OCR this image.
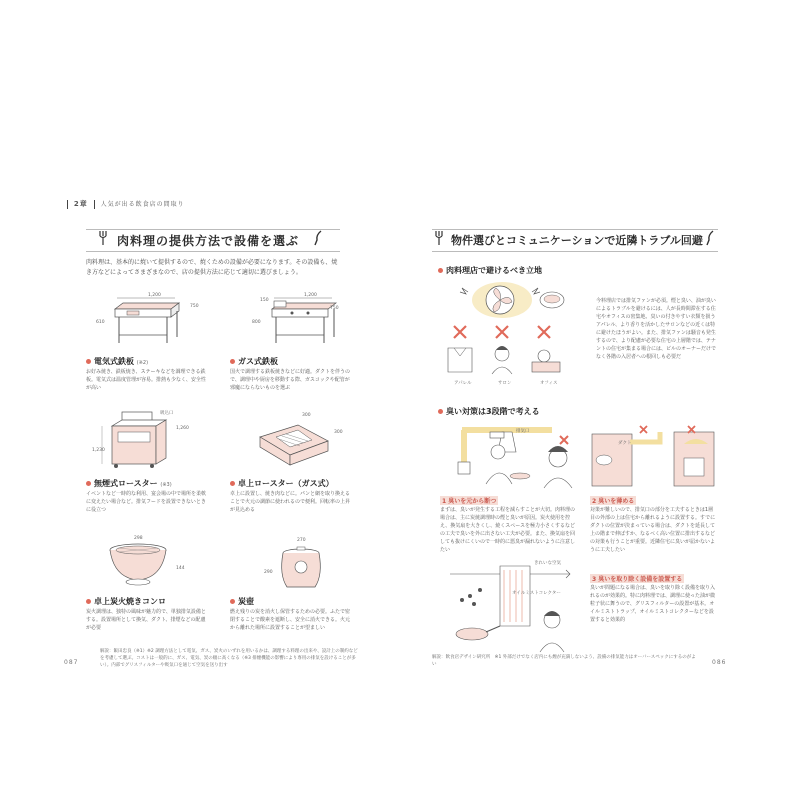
2章 人気が出る飲食店の間取り
肉料理の提供方法で設備を選ぶ
肉料理は、基本的に焼いて提供するので、焼くための設備が必要になります。その設備も、焼き方などによってさまざまなので、店の提供方法に応じて適切に選びましょう。
1,200
750
610
電気式鉄板 (※2)
お好み焼き、鉄板焼き、ステーキなどを調理できる鉄板。電気式は温度管理が容易。排熱も少なく、安全性が高い
1,200
150
750
800
ガス式鉄板
国火で調理する鉄板焼きなどに好適。ダクトを伴うので、調理中や厨房を移動する際、ガスコックや配管が邪魔にならないものを選ぶ
吸込口
1,230
1,260
無煙式ロースター (※3)
イベントなど一時的な利用、宴会場の中で場所を柔軟に変えたい場合など。排気フードを設置できないときに役立つ
300
300
卓上ロースター（ガス式）
卓上に設置し、焼き肉などに。パンと網を取り換えることで火元の調節に使われるので便利。回転率の上昇が見込める
298
144
卓上炭火焼きコンロ
炭火調理は、独特の風味が魅力的で、単独排気設備とする。設置場所として換気、ダクト、排煙などの配慮が必要
270
290
炭壺
燃え残りの炭を消火し保管するための必要。ふたで密閉することで酸素を遮断し、安全に消火できる。火元から離れた場所に設置することが望ましい
解説：飯田忠良（※1）※2 調理方法として電気、ガス、炭火のいずれを用いるかは、調理する料理の出来や、設計上の制約などを考慮して選ぶ。コストは一般的に、ガス、電気、炭の順に高くなる（※3 排煙機能の影響により専用の排気を設けることが多い）。内部でグリスフィルターや吸気口を通じて空気を送り出す
087
物件選びとコミュニケーションで近隣トラブル回避
肉料理店で避けるべき立地
アパレル	サロン	オフィス
今料理店では排気ファンが必須。煙と臭い、油が臭いによるトラブルを避けるには、人が長時間滞在する住宅やオフィスの密集地、臭いの付きやすい衣類を扱うアパレル、より香りを活かしたサロンなどの近くは特に避けたほうがよい。また、排気ファンは騒音も発生するので、より配慮が必要な住宅の上層階では、テナントの住宅が集まる場合には、ビルのオーナーだけでなく各階の入居者への根回しも必要だ
臭い対策は3段階で考える
排気口
1 臭いを元から断つ
まずは、臭いが発生する工程を減らすことが大切。肉料理の場合は、主に炭焼調理時の煙と臭いが原因。炭火使用を控え、換気扇を大きくし、焼くスペースを極力小さくするなどの工夫で臭いを外に出さない工夫が必要。また、換気扇を回しても抜けにくいので一時的に悪臭が漏れないように注意したい
ダクト
2 臭いを薄める
対策が難しいので、排気口の部分を工夫するときは1層目の外部の上は住宅から離れるように設置する。すでにダクトの位置が決まっている場合は、ダクトを延長して上の階まで伸ばすか、なるべく高い位置に排出するなどの対策も行うことが重要。近隣住宅に臭いが届かないように工夫したい
きれいな空気
オイルミストコレクター
3 臭いを取り除く設備を設置する
臭いが問題になる場合は、臭いを取り除く設備を取り入れるのが効果的。特に肉料理では、調理に使った油が微粒子状に舞うので、グリスフィルターの設置が基本。オイルミストトラップ、オイルミストコレクターなどを設置すると効果的
解説：飲食店デザイン研究所　※1 外部だけでなく店内にも煙が充満しないよう、設備の排気能力はオーバースペックにするのがよい	086
